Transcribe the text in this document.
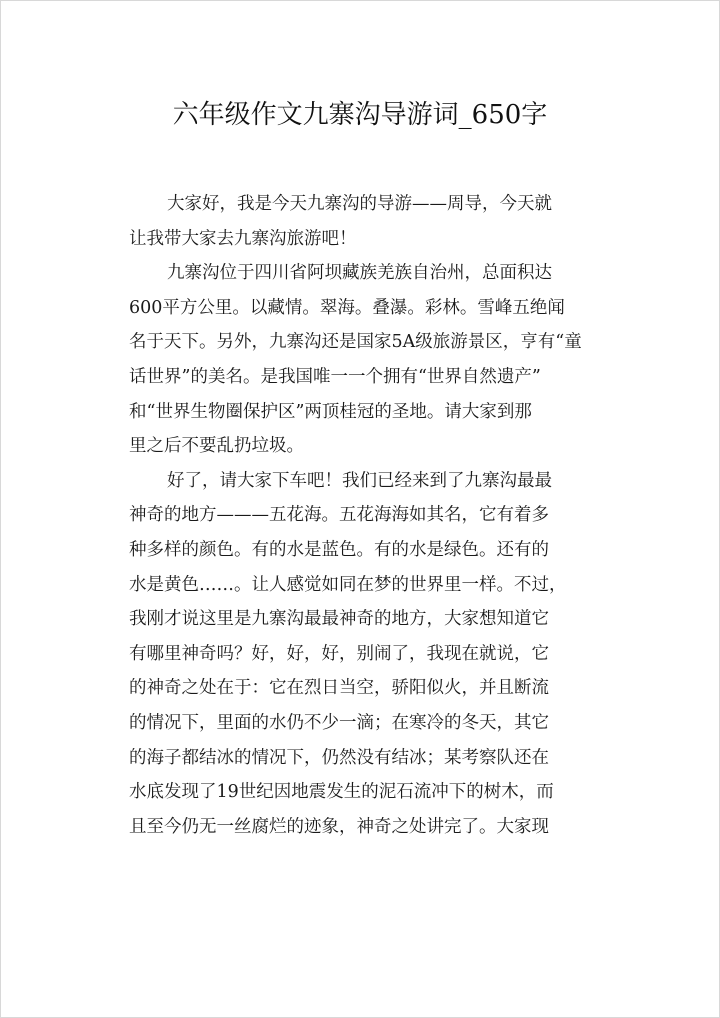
六年级作文九寨沟导游词_650字
大家好，我是今天九寨沟的导游——周导，今天就
让我带大家去九寨沟旅游吧！
九寨沟位于四川省阿坝藏族羌族自治州，总面积达
600平方公里。以藏情。翠海。叠瀑。彩林。雪峰五绝闻
名于天下。另外，九寨沟还是国家5A级旅游景区，亨有“童
话世界”的美名。是我国唯一一个拥有“世界自然遗产”
和“世界生物圈保护区”两顶桂冠的圣地。请大家到那
里之后不要乱扔垃圾。
好了，请大家下车吧！我们已经来到了九寨沟最最
神奇的地方———五花海。五花海海如其名，它有着多
种多样的颜色。有的水是蓝色。有的水是绿色。还有的
水是黄色……。让人感觉如同在梦的世界里一样。不过，
我刚才说这里是九寨沟最最神奇的地方，大家想知道它
有哪里神奇吗？好，好，好，别闹了，我现在就说，它
的神奇之处在于：它在烈日当空，骄阳似火，并且断流
的情况下，里面的水仍不少一滴；在寒冷的冬天，其它
的海子都结冰的情况下，仍然没有结冰；某考察队还在
水底发现了19世纪因地震发生的泥石流冲下的树木，而
且至今仍无一丝腐烂的迹象，神奇之处讲完了。大家现
